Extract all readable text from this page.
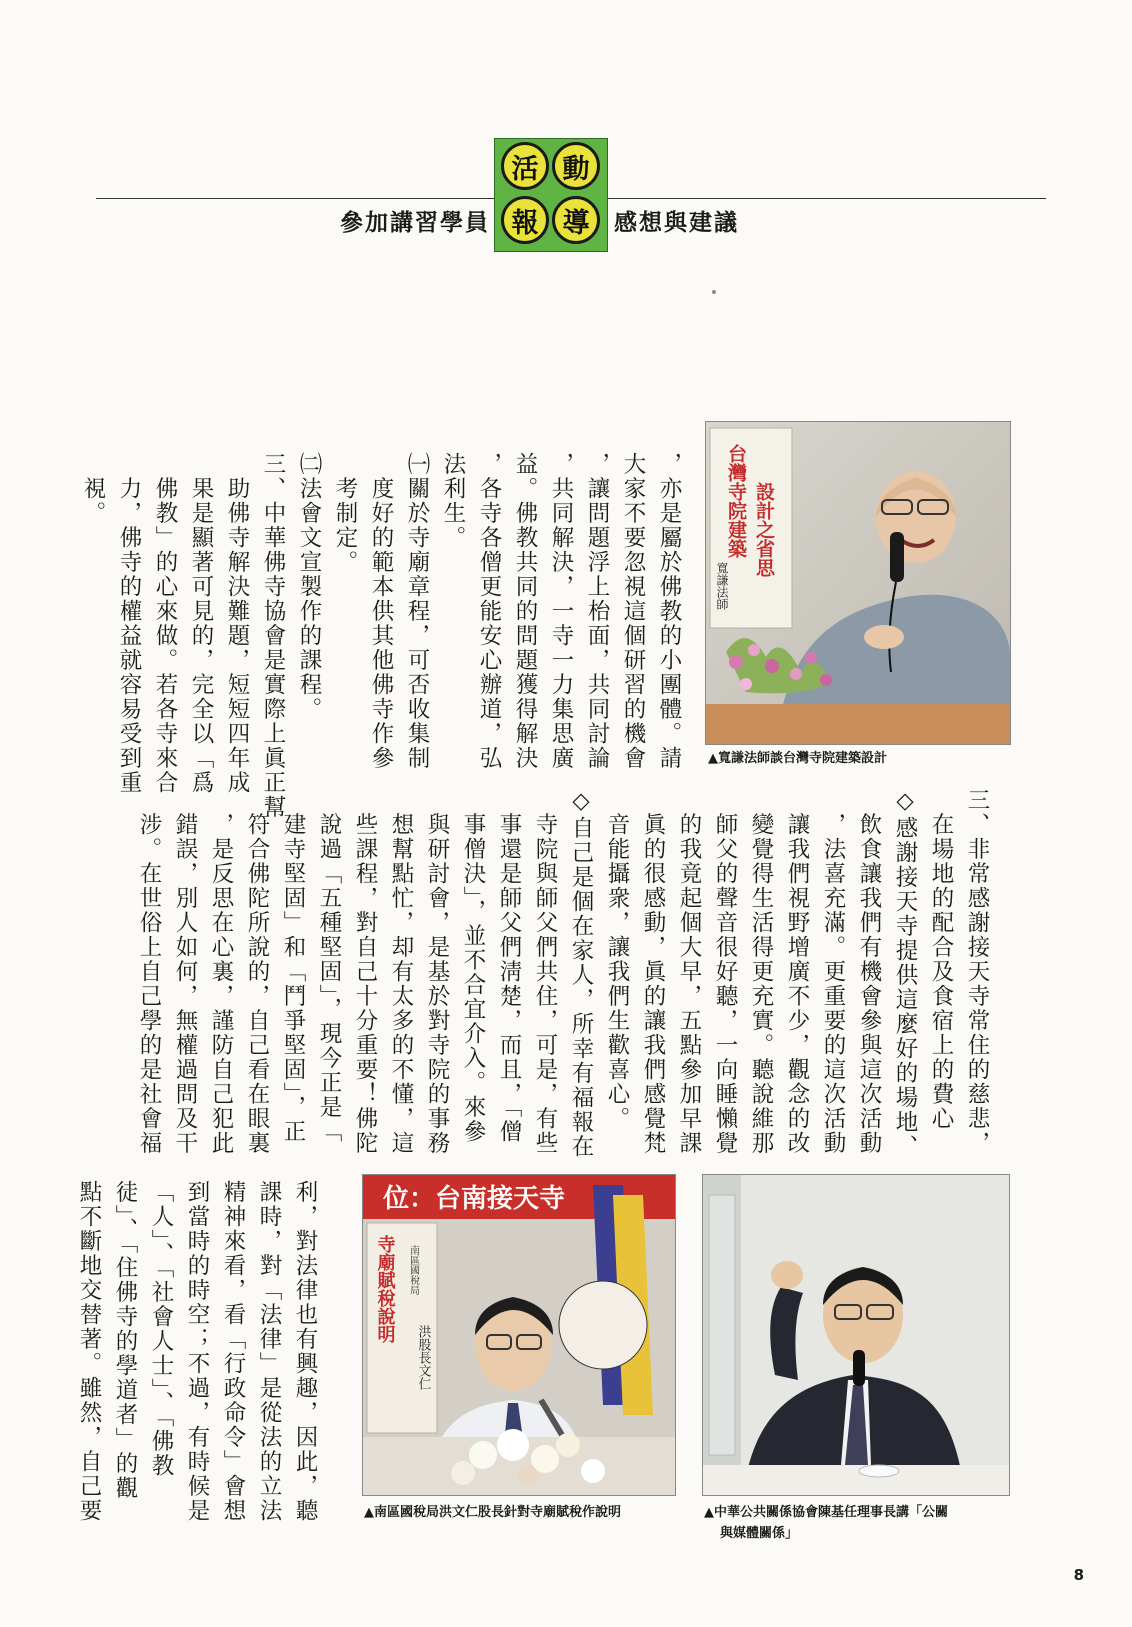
活 動
報 導
參加講習學員	感想與建議
，亦是屬於佛教的小團體。請
大家不要忽視這個研習的機會
，讓問題浮上枱面，共同討論
，共同解決，一寺一力集思廣
益。佛教共同的問題獲得解決
，各寺各僧更能安心辦道，弘
法利生。
㈠關於寺廟章程，可否收集制
　度好的範本供其他佛寺作參
　考制定。
㈡法會文宣製作的課程。
三、中華佛寺協會是實際上眞正幫
　助佛寺解決難題，短短四年成
　果是顯著可見的，完全以「爲
　佛教」的心來做。若各寺來合
　力，佛寺的權益就容易受到重
　視。	台灣寺院建築 設計之省思
寬謙法師
▲寬謙法師談台灣寺院建築設計
三、非常感謝接天寺常住的慈悲，
　在場地的配合及食宿上的費心
◇感謝接天寺提供這麼好的場地、
　飲食讓我們有機會參與這次活動
　，法喜充滿。更重要的這次活動
　讓我們視野增廣不少，觀念的改
　變覺得生活得更充實。聽說維那
　師父的聲音很好聽，一向睡懶覺
　的我竟起個大早，五點參加早課
　眞的很感動，眞的讓我們感覺梵
　音能攝衆，讓我們生歡喜心。
◇自己是個在家人，所幸有福報在
　寺院與師父們共住，可是，有些
　事還是師父們淸楚，而且，「僧
　事僧決」，並不合宜介入。來參
　與研討會，是基於對寺院的事務
　想幫點忙，却有太多的不懂，這
　些課程，對自己十分重要！佛陀
　說過「五種堅固」，現今正是「
　建寺堅固」和「鬥爭堅固」，正
　符合佛陀所說的，自己看在眼裏
　，是反思在心裏，謹防自己犯此
　錯誤，別人如何，無權過問及干
　涉。在世俗上自己學的是社會福
利，對法律也有興趣，因此，聽
課時，對「法律」是從法的立法
精神來看，看「行政命令」會想
到當時的時空；不過，有時候是
「人」、「社會人士」、「佛教
徒」、「住佛寺的學道者」的觀
點不斷地交替著。雖然，自己要	位：台南接天寺
寺廟賦稅說明 南區國稅局
洪股長文仁
▲南區國稅局洪文仁股長針對寺廟賦稅作說明	▲中華公共關係協會陳基任理事長講「公關
與媒體關係」
8
